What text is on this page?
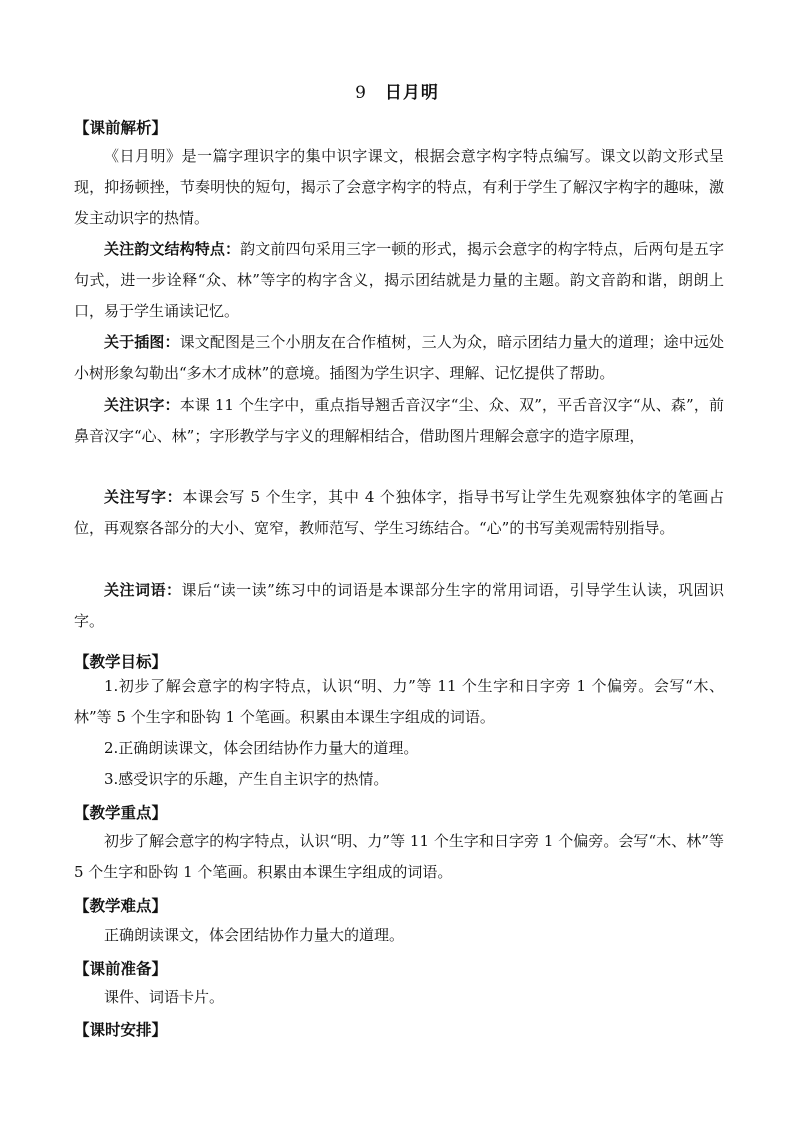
9 日月明
【课前解析】

《日月明》是一篇字理识字的集中识字课文，根据会意字构字特点编写。课文以韵文形式呈现，抑扬顿挫，节奏明快的短句，揭示了会意字构字的特点，有利于学生了解汉字构字的趣味，激发主动识字的热情。

关注韵文结构特点：韵文前四句采用三字一顿的形式，揭示会意字的构字特点，后两句是五字句式，进一步诠释“众、林”等字的构字含义，揭示团结就是力量的主题。韵文音韵和谐，朗朗上口，易于学生诵读记忆。

关于插图：课文配图是三个小朋友在合作植树，三人为众，暗示团结力量大的道理；途中远处小树形象勾勒出“多木才成林”的意境。插图为学生识字、理解、记忆提供了帮助。

关注识字：本课 11 个生字中，重点指导翘舌音汉字“尘、众、双”，平舌音汉字“从、森”，前鼻音汉字“心、林”；字形教学与字义的理解相结合，借助图片理解会意字的造字原理，

关注写字：本课会写 5 个生字，其中 4 个独体字，指导书写让学生先观察独体字的笔画占位，再观察各部分的大小、宽窄，教师范写、学生习练结合。“心”的书写美观需特别指导。

关注词语：课后“读一读”练习中的词语是本课部分生字的常用词语，引导学生认读，巩固识字。

【教学目标】

1.初步了解会意字的构字特点，认识“明、力”等 11 个生字和日字旁 1 个偏旁。会写“木、林”等 5 个生字和卧钩 1 个笔画。积累由本课生字组成的词语。

2.正确朗读课文，体会团结协作力量大的道理。

3.感受识字的乐趣，产生自主识字的热情。

【教学重点】

初步了解会意字的构字特点，认识“明、力”等 11 个生字和日字旁 1 个偏旁。会写“木、林”等 5 个生字和卧钩 1 个笔画。积累由本课生字组成的词语。

【教学难点】

正确朗读课文，体会团结协作力量大的道理。

【课前准备】

课件、词语卡片。

【课时安排】
